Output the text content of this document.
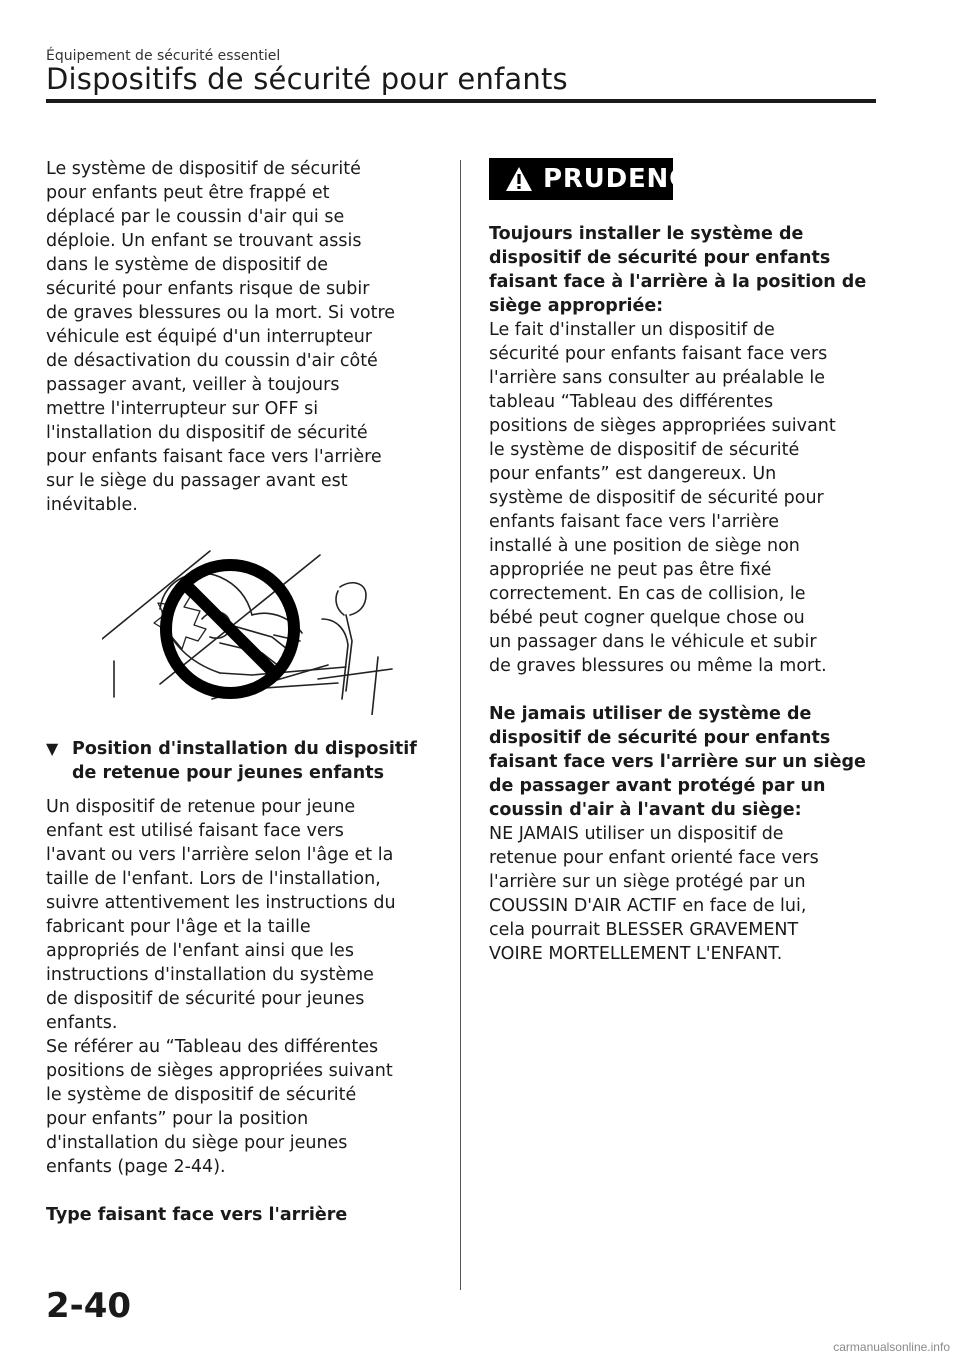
Équipement de sécurité essentiel
Dispositifs de sécurité pour enfants

Le système de dispositif de sécurité
pour enfants peut être frappé et
déplacé par le coussin d'air qui se
déploie. Un enfant se trouvant assis
dans le système de dispositif de
sécurité pour enfants risque de subir
de graves blessures ou la mort. Si votre
véhicule est équipé d'un interrupteur
de désactivation du coussin d'air côté
passager avant, veiller à toujours
mettre l'interrupteur sur OFF si
l'installation du dispositif de sécurité
pour enfants faisant face vers l'arrière
sur le siège du passager avant est
inévitable.

▼ Position d'installation du dispositif
de retenue pour jeunes enfants

Un dispositif de retenue pour jeune
enfant est utilisé faisant face vers
l'avant ou vers l'arrière selon l'âge et la
taille de l'enfant. Lors de l'installation,
suivre attentivement les instructions du
fabricant pour l'âge et la taille
appropriés de l'enfant ainsi que les
instructions d'installation du système
de dispositif de sécurité pour jeunes
enfants.

Se référer au “Tableau des différentes
positions de sièges appropriées suivant
le système de dispositif de sécurité
pour enfants” pour la position
d'installation du siège pour jeunes
enfants (page 2-44).

Type faisant face vers l'arrière

PRUDENCE

Toujours installer le système de
dispositif de sécurité pour enfants
faisant face à l'arrière à la position de
siège appropriée:

Le fait d'installer un dispositif de
sécurité pour enfants faisant face vers
l'arrière sans consulter au préalable le
tableau “Tableau des différentes
positions de sièges appropriées suivant
le système de dispositif de sécurité
pour enfants” est dangereux. Un
système de dispositif de sécurité pour
enfants faisant face vers l'arrière
installé à une position de siège non
appropriée ne peut pas être fixé
correctement. En cas de collision, le
bébé peut cogner quelque chose ou
un passager dans le véhicule et subir
de graves blessures ou même la mort.

Ne jamais utiliser de système de
dispositif de sécurité pour enfants
faisant face vers l'arrière sur un siège
de passager avant protégé par un
coussin d'air à l'avant du siège:

NE JAMAIS utiliser un dispositif de
retenue pour enfant orienté face vers
l'arrière sur un siège protégé par un
COUSSIN D'AIR ACTIF en face de lui,
cela pourrait BLESSER GRAVEMENT
VOIRE MORTELLEMENT L'ENFANT.

2-40
carmanualsonline.info
